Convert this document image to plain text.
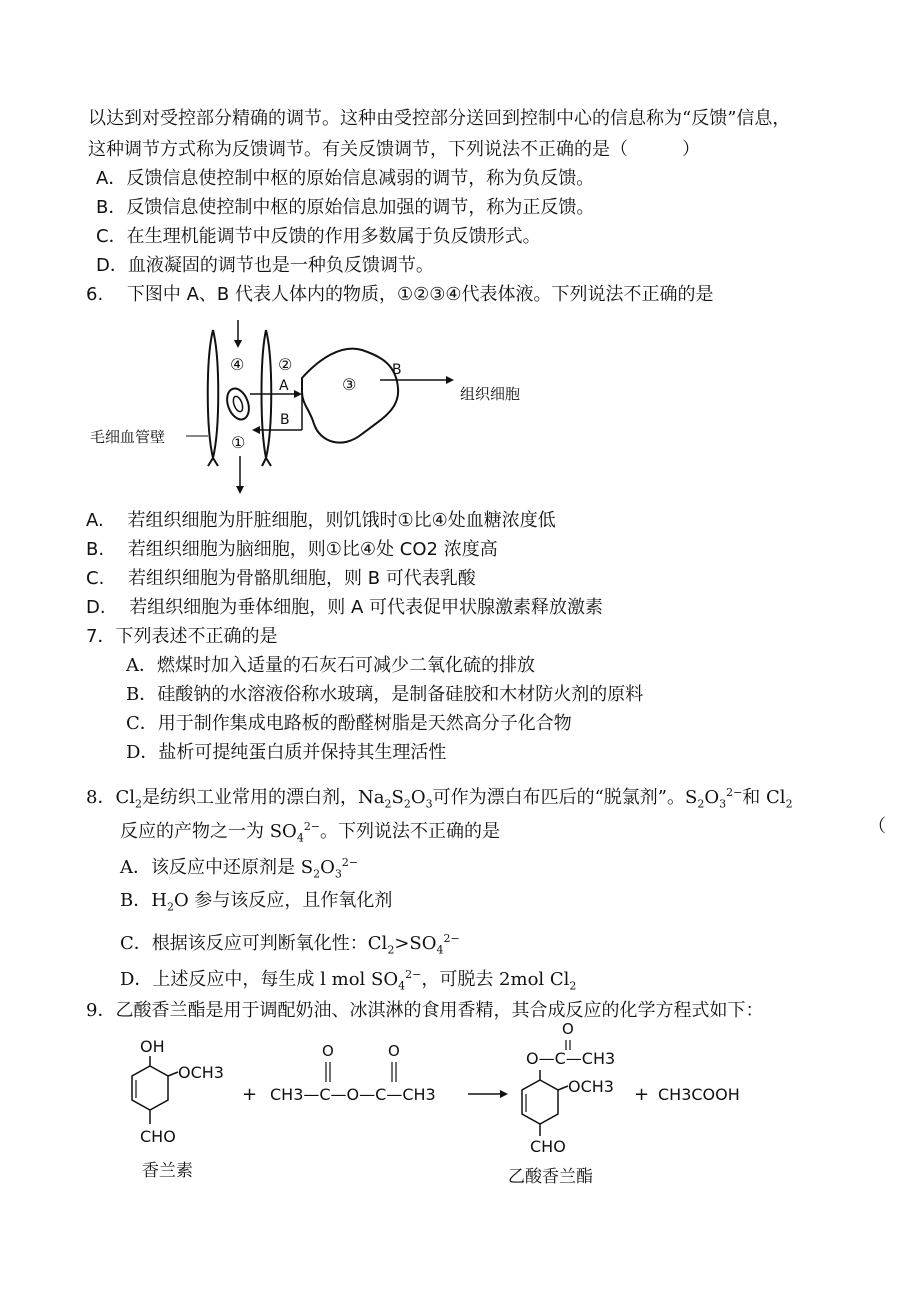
以达到对受控部分精确的调节。这种由受控部分送回到控制中心的信息称为“反馈”信息，
这种调节方式称为反馈调节。有关反馈调节，下列说法不正确的是（　　　）
A．反馈信息使控制中枢的原始信息减弱的调节，称为负反馈。
B．反馈信息使控制中枢的原始信息加强的调节，称为正反馈。
C．在生理机能调节中反馈的作用多数属于负反馈形式。
D．血液凝固的调节也是一种负反馈调节。
6.　 下图中 A、B 代表人体内的物质，①②③④代表体液。下列说法不正确的是
④ ②
A	③
B
B
①
组织细胞
毛细血管壁
A.　 若组织细胞为肝脏细胞，则饥饿时①比④处血糖浓度低
B.　 若组织细胞为脑细胞，则①比④处 CO2 浓度高
C.　 若组织细胞为骨骼肌细胞，则 B 可代表乳酸
D.　 若组织细胞为垂体细胞，则 A 可代表促甲状腺激素释放激素
7．下列表述不正确的是
A．燃煤时加入适量的石灰石可减少二氧化硫的排放
B．硅酸钠的水溶液俗称水玻璃，是制备硅胶和木材防火剂的原料
C．用于制作集成电路板的酚醛树脂是天然高分子化合物
D．盐析可提纯蛋白质并保持其生理活性
8．$Cl_2$是纺织工业常用的漂白剂，$Na_2S_2O_3$可作为漂白布匹后的“脱氯剂”。$S_2O_3^{2-}$和 $Cl_2$
反应的产物之一为 $SO_4^{2-}$。下列说法不正确的是	（
A．该反应中还原剂是 $S_2O_3^{2-}$
B．$H_2O$ 参与该反应，且作氧化剂
C．根据该反应可判断氧化性：$Cl_2>SO_4^{2-}$
D．上述反应中，每生成 l mol $SO_4^{2-}$，可脱去 2mol $Cl_2$
9．乙酸香兰酯是用于调配奶油、冰淇淋的食用香精，其合成反应的化学方程式如下：
OH
OCH3
CHO
香兰素
+
O	O
CH3—C—O—C—CH3
O
O—C—CH3
OCH3
CHO
乙酸香兰酯
+ CH3COOH
